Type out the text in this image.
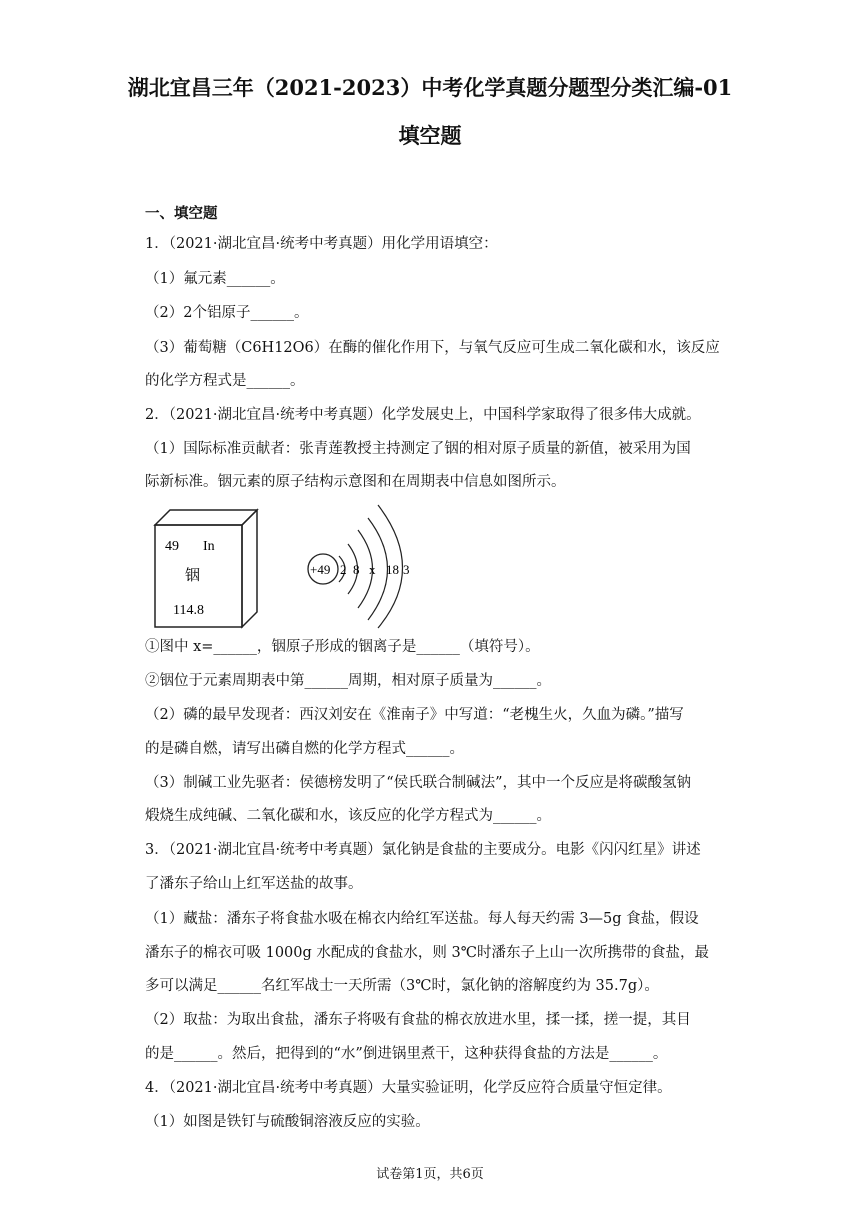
湖北宜昌三年（2021-2023）中考化学真题分题型分类汇编-01
填空题
一、填空题
1．（2021·湖北宜昌·统考中考真题）用化学用语填空：
（1）氟元素______。
（2）2个铝原子______。
（3）葡萄糖（C6H12O6）在酶的催化作用下，与氧气反应可生成二氧化碳和水，该反应
的化学方程式是______。
2．（2021·湖北宜昌·统考中考真题）化学发展史上，中国科学家取得了很多伟大成就。
（1）国际标准贡献者：张青莲教授主持测定了铟的相对原子质量的新值，被采用为国
际新标准。铟元素的原子结构示意图和在周期表中信息如图所示。
49 In
铟
114.8
+49 2 8 x 18 3
①图中 x=______，铟原子形成的铟离子是______（填符号）。
②铟位于元素周期表中第______周期，相对原子质量为______。
（2）磷的最早发现者：西汉刘安在《淮南子》中写道：“老槐生火，久血为磷。”描写
的是磷自燃，请写出磷自燃的化学方程式______。
（3）制碱工业先驱者：侯德榜发明了“侯氏联合制碱法”，其中一个反应是将碳酸氢钠
煅烧生成纯碱、二氧化碳和水，该反应的化学方程式为______。
3．（2021·湖北宜昌·统考中考真题）氯化钠是食盐的主要成分。电影《闪闪红星》讲述
了潘东子给山上红军送盐的故事。
（1）藏盐：潘东子将食盐水吸在棉衣内给红军送盐。每人每天约需 3—5g 食盐，假设
潘东子的棉衣可吸 1000g 水配成的食盐水，则 3℃时潘东子上山一次所携带的食盐，最
多可以满足______名红军战士一天所需（3℃时，氯化钠的溶解度约为 35.7g）。
（2）取盐：为取出食盐，潘东子将吸有食盐的棉衣放进水里，揉一揉，搓一提，其目
的是______。然后，把得到的“水”倒进锅里煮干，这种获得食盐的方法是______。
4．（2021·湖北宜昌·统考中考真题）大量实验证明，化学反应符合质量守恒定律。
（1）如图是铁钉与硫酸铜溶液反应的实验。
试卷第1页，共6页
